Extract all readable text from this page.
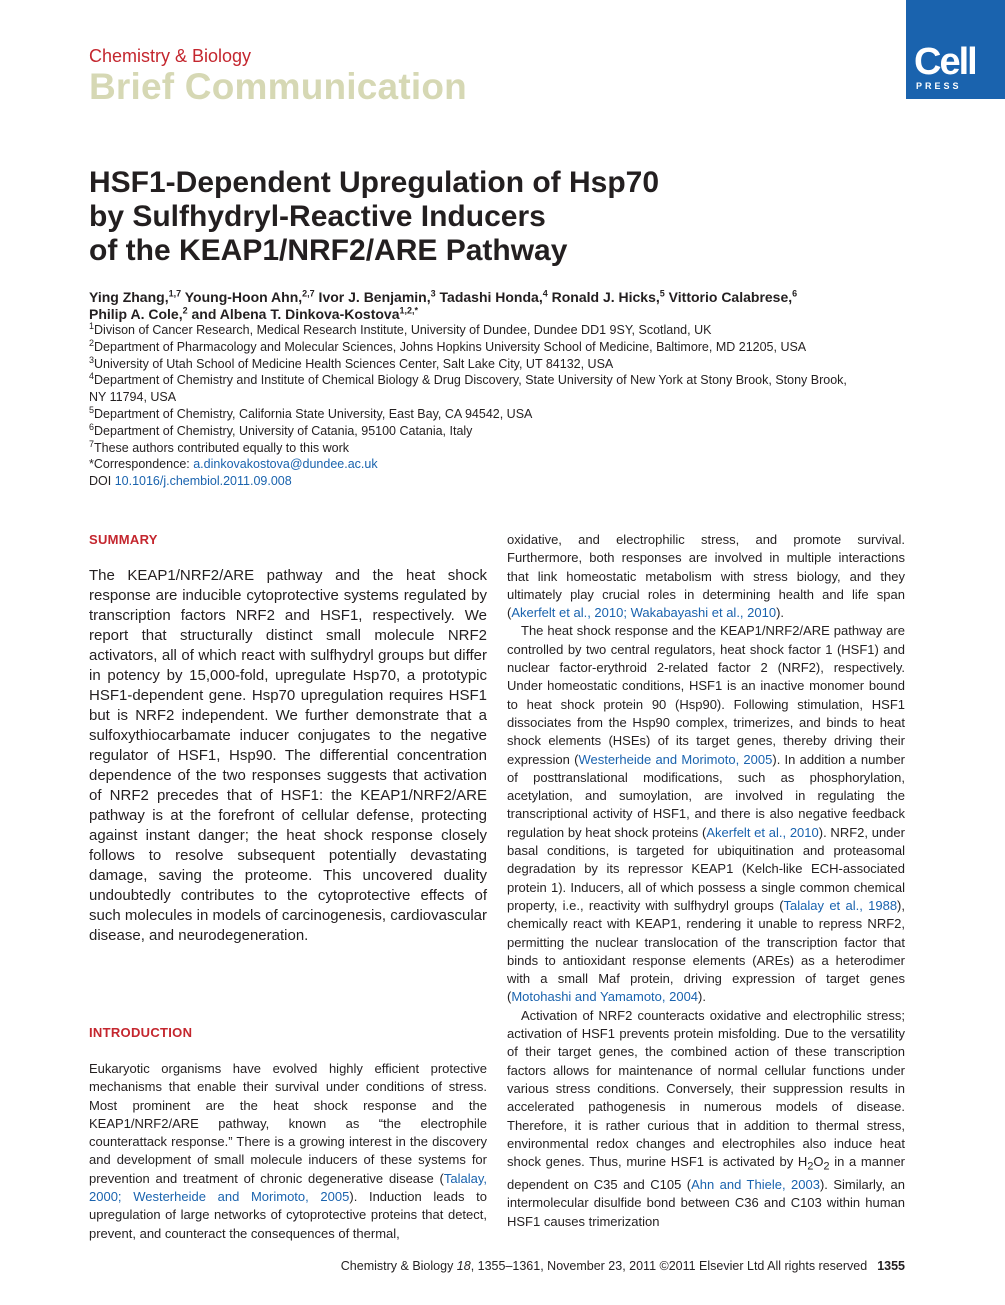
Chemistry & Biology
Brief Communication
Cell
PRESS
HSF1-Dependent Upregulation of Hsp70
by Sulfhydryl-Reactive Inducers
of the KEAP1/NRF2/ARE Pathway
Ying Zhang,$^{1,7}$ Young-Hoon Ahn,$^{2,7}$ Ivor J. Benjamin,$^3$ Tadashi Honda,$^4$ Ronald J. Hicks,$^5$ Vittorio Calabrese,$^6$
Philip A. Cole,$^2$ and Albena T. Dinkova-Kostova$^{1,2,*}$
$^1$Divison of Cancer Research, Medical Research Institute, University of Dundee, Dundee DD1 9SY, Scotland, UK
$^2$Department of Pharmacology and Molecular Sciences, Johns Hopkins University School of Medicine, Baltimore, MD 21205, USA
$^3$University of Utah School of Medicine Health Sciences Center, Salt Lake City, UT 84132, USA
$^4$Department of Chemistry and Institute of Chemical Biology & Drug Discovery, State University of New York at Stony Brook, Stony Brook,
NY 11794, USA
$^5$Department of Chemistry, California State University, East Bay, CA 94542, USA
$^6$Department of Chemistry, University of Catania, 95100 Catania, Italy
$^7$These authors contributed equally to this work
*Correspondence: a.dinkovakostova@dundee.ac.uk
DOI 10.1016/j.chembiol.2011.09.008
SUMMARY
The KEAP1/NRF2/ARE pathway and the heat shock response are inducible cytoprotective systems regulated by transcription factors NRF2 and HSF1, respectively. We report that structurally distinct small molecule NRF2 activators, all of which react with sulfhydryl groups but differ in potency by 15,000-fold, upregulate Hsp70, a prototypic HSF1-dependent gene. Hsp70 upregulation requires HSF1 but is NRF2 independent. We further demonstrate that a sulfoxythiocarbamate inducer conjugates to the negative regulator of HSF1, Hsp90. The differential concentration dependence of the two responses suggests that activation of NRF2 precedes that of HSF1: the KEAP1/NRF2/ARE pathway is at the forefront of cellular defense, protecting against instant danger; the heat shock response closely follows to resolve subsequent potentially devastating damage, saving the proteome. This uncovered duality undoubtedly contributes to the cytoprotective effects of such molecules in models of carcinogenesis, cardiovascular disease, and neurodegeneration.
INTRODUCTION

Eukaryotic organisms have evolved highly efficient protective mechanisms that enable their survival under conditions of stress. Most prominent are the heat shock response and the KEAP1/NRF2/ARE pathway, known as “the electrophile counterattack response.” There is a growing interest in the discovery and development of small molecule inducers of these systems for prevention and treatment of chronic degenerative disease (Talalay, 2000; Westerheide and Morimoto, 2005). Induction leads to upregulation of large networks of cytoprotective proteins that detect, prevent, and counteract the consequences of thermal,

oxidative, and electrophilic stress, and promote survival. Furthermore, both responses are involved in multiple interactions that link homeostatic metabolism with stress biology, and they ultimately play crucial roles in determining health and life span (Akerfelt et al., 2010; Wakabayashi et al., 2010).

The heat shock response and the KEAP1/NRF2/ARE pathway are controlled by two central regulators, heat shock factor 1 (HSF1) and nuclear factor-erythroid 2-related factor 2 (NRF2), respectively. Under homeostatic conditions, HSF1 is an inactive monomer bound to heat shock protein 90 (Hsp90). Following stimulation, HSF1 dissociates from the Hsp90 complex, trimerizes, and binds to heat shock elements (HSEs) of its target genes, thereby driving their expression (Westerheide and Morimoto, 2005). In addition a number of posttranslational modifications, such as phosphorylation, acetylation, and sumoylation, are involved in regulating the transcriptional activity of HSF1, and there is also negative feedback regulation by heat shock proteins (Akerfelt et al., 2010). NRF2, under basal conditions, is targeted for ubiquitination and proteasomal degradation by its repressor KEAP1 (Kelch-like ECH-associated protein 1). Inducers, all of which possess a single common chemical property, i.e., reactivity with sulfhydryl groups (Talalay et al., 1988), chemically react with KEAP1, rendering it unable to repress NRF2, permitting the nuclear translocation of the transcription factor that binds to antioxidant response elements (AREs) as a heterodimer with a small Maf protein, driving expression of target genes (Motohashi and Yamamoto, 2004).

Activation of NRF2 counteracts oxidative and electrophilic stress; activation of HSF1 prevents protein misfolding. Due to the versatility of their target genes, the combined action of these transcription factors allows for maintenance of normal cellular functions under various stress conditions. Conversely, their suppression results in accelerated pathogenesis in numerous models of disease. Therefore, it is rather curious that in addition to thermal stress, environmental redox changes and electrophiles also induce heat shock genes. Thus, murine HSF1 is activated by $H_2O_2$ in a manner dependent on C35 and C105 (Ahn and Thiele, 2003). Similarly, an intermolecular disulfide bond between C36 and C103 within human HSF1 causes trimerization

Chemistry & Biology 18, 1355–1361, November 23, 2011 ©2011 Elsevier Ltd All rights reserved 1355
